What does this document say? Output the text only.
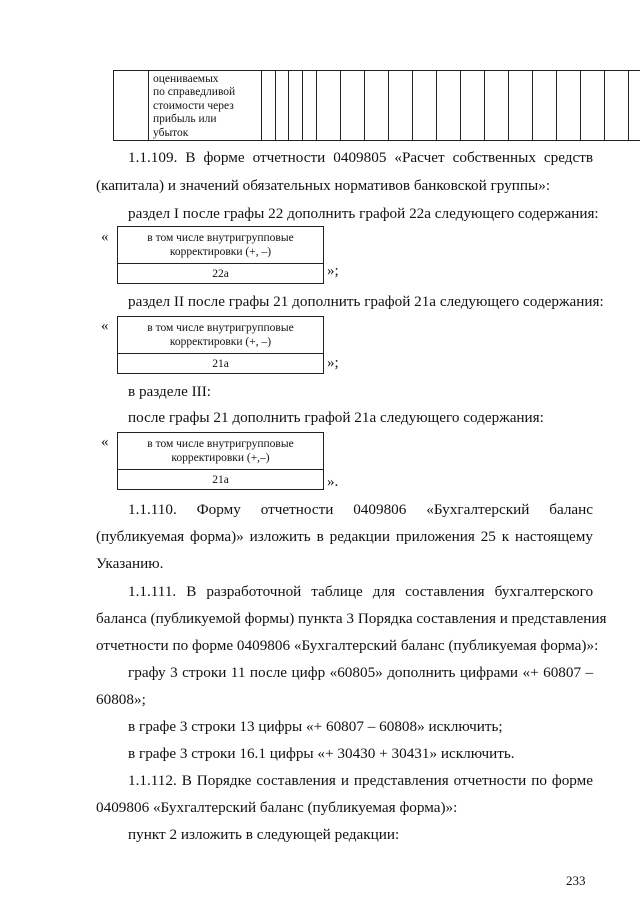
оцениваемых
по справедливой
стоимости через
прибыль или
убыток

1.1.109. В форме отчетности 0409805 «Расчет собственных средств
(капитала) и значений обязательных нормативов банковской группы»:
раздел I после графы 22 дополнить графой 22а следующего содержания:
«	в том числе внутригрупповые
корректировки (+, –)

22а	»;
раздел II после графы 21 дополнить графой 21а следующего содержания:
«	в том числе внутригрупповые
корректировки (+, –)

21а	»;
в разделе III:
после графы 21 дополнить графой 21а следующего содержания:
«	в том числе внутригрупповые
корректировки (+,–)

21а	».
1.1.110. Форму отчетности 0409806 «Бухгалтерский баланс
(публикуемая форма)» изложить в редакции приложения 25 к настоящему
Указанию.
1.1.111. В разработочной таблице для составления бухгалтерского
баланса (публикуемой формы) пункта 3 Порядка составления и представления
отчетности по форме 0409806 «Бухгалтерский баланс (публикуемая форма)»:
графу 3 строки 11 после цифр «60805» дополнить цифрами «+ 60807 –
60808»;
в графе 3 строки 13 цифры «+ 60807 – 60808» исключить;
в графе 3 строки 16.1 цифры «+ 30430 + 30431» исключить.
1.1.112. В Порядке составления и представления отчетности по форме
0409806 «Бухгалтерский баланс (публикуемая форма)»:
пункт 2 изложить в следующей редакции:
233
